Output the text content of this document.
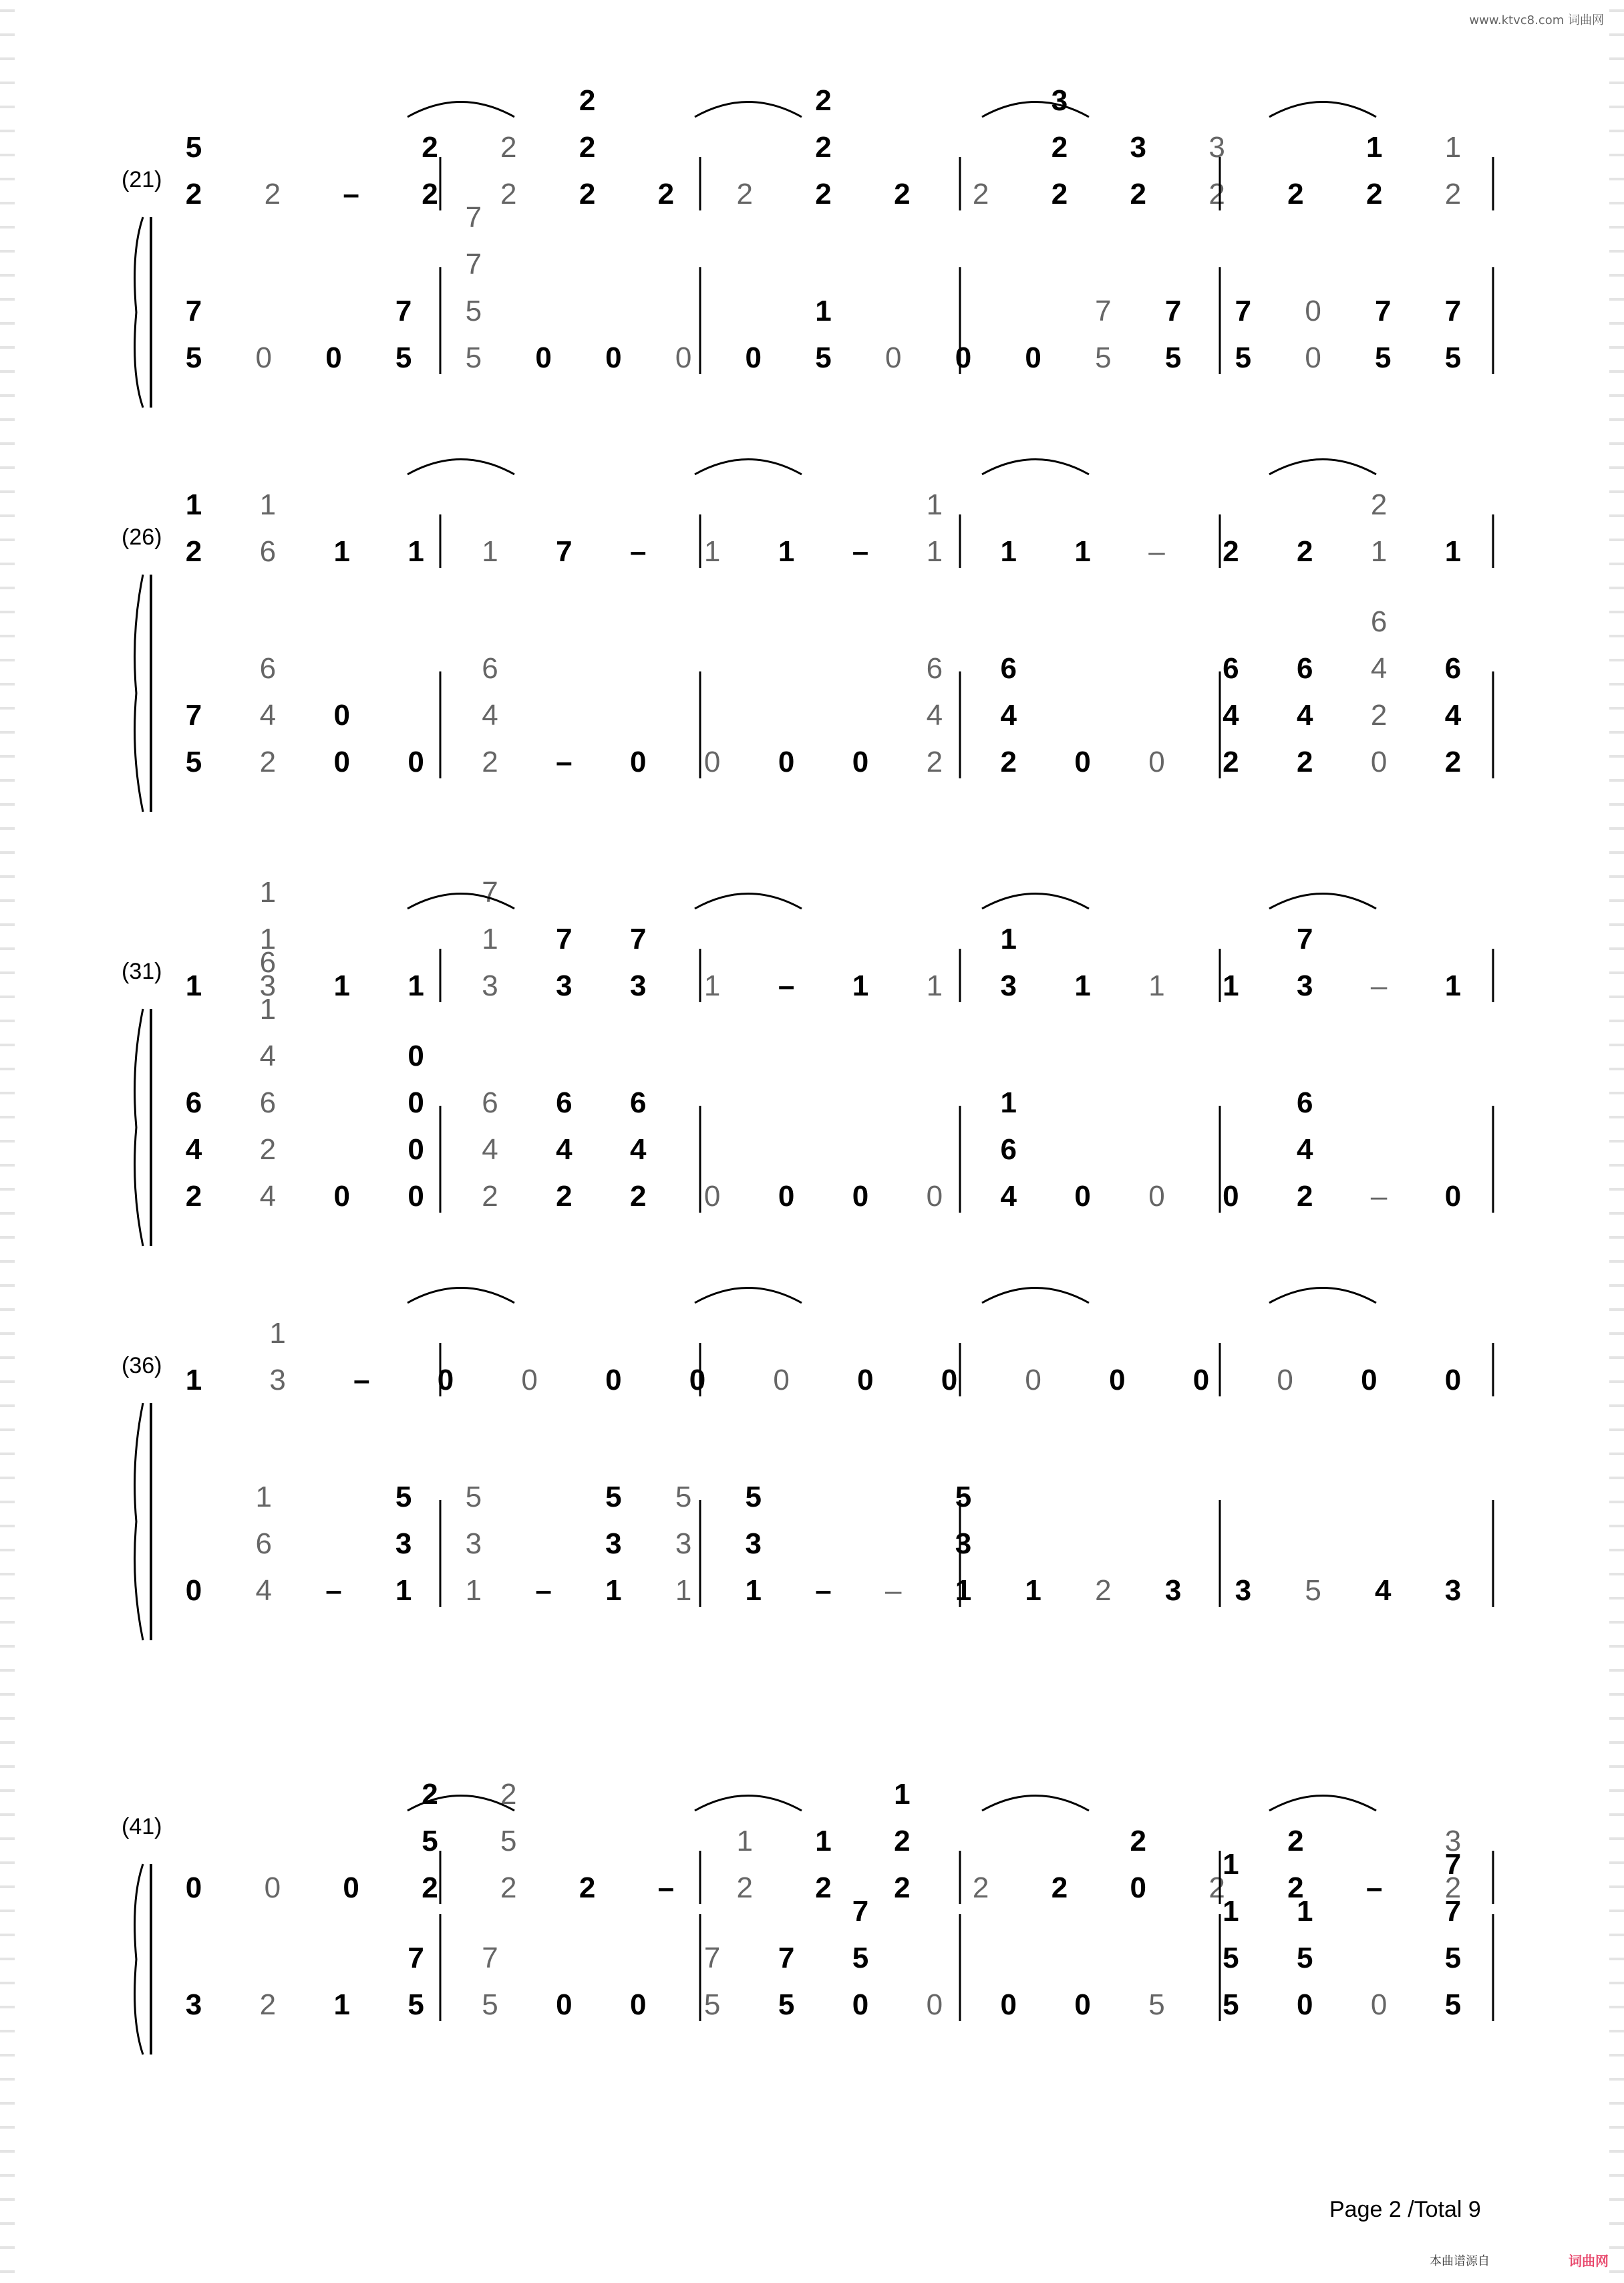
www.ktvc8.com 词曲网
(21)
5
2 2 –
2
2
2
2
2
2
2 2 2
2
2
2 2 2
3
2
2
3
2
3
2 2
1
2
1
2
7
5 0 0
7
5
7
7
5
5 0 0 0 0
1
5 0 0 0
7
5
7
5
7
5
0
0
7
5
7
5
(26)
1
2
1
6 1 1 1 7 – 1 1 –
1
1 1 1 – 2 2
2
1 1
7
5
6
4
2
0
0 0
6
4
2 – 0 0 0 0
6
4
2
6
4
2 0 0
6
4
2
6
4
2
6
4
2
0
6
4
2
(31) 1
1
1
3 1 1
7
1
3
7
3
7
3 1 – 1 1
1
3 1 1 1
7
3 – 1
6
4
2
6
1
4
6
2
4 0
0
0
0
0
6
4
2
6
4
2
6
4
2 0 0 0 0
1
6
4 0 0 0
6
4
2 – 0
(36) 1
1
3 – 0 0 0 0 0 0 0 0 0 0 0 0 0
0
1
6
4 –
5
3
1
5
3
1 –
5
3
1
5
3
1
5
3
1 – –
5
3
1 1 2 3 3 5 4 3
(41)
0 0 0
2
5
2
2
5
2 2 –
1
2
1
2
1
2
2 2 2
2
0 2
2
2 –
3
2
3 2 1
7
5
7
5 0 0
7
5
7
5
7
5
0 0 0 0 5
1
1
5
5
1
5
0 0
7
7
5
5
Page 2 /Total 9
本曲谱源自	词曲网
